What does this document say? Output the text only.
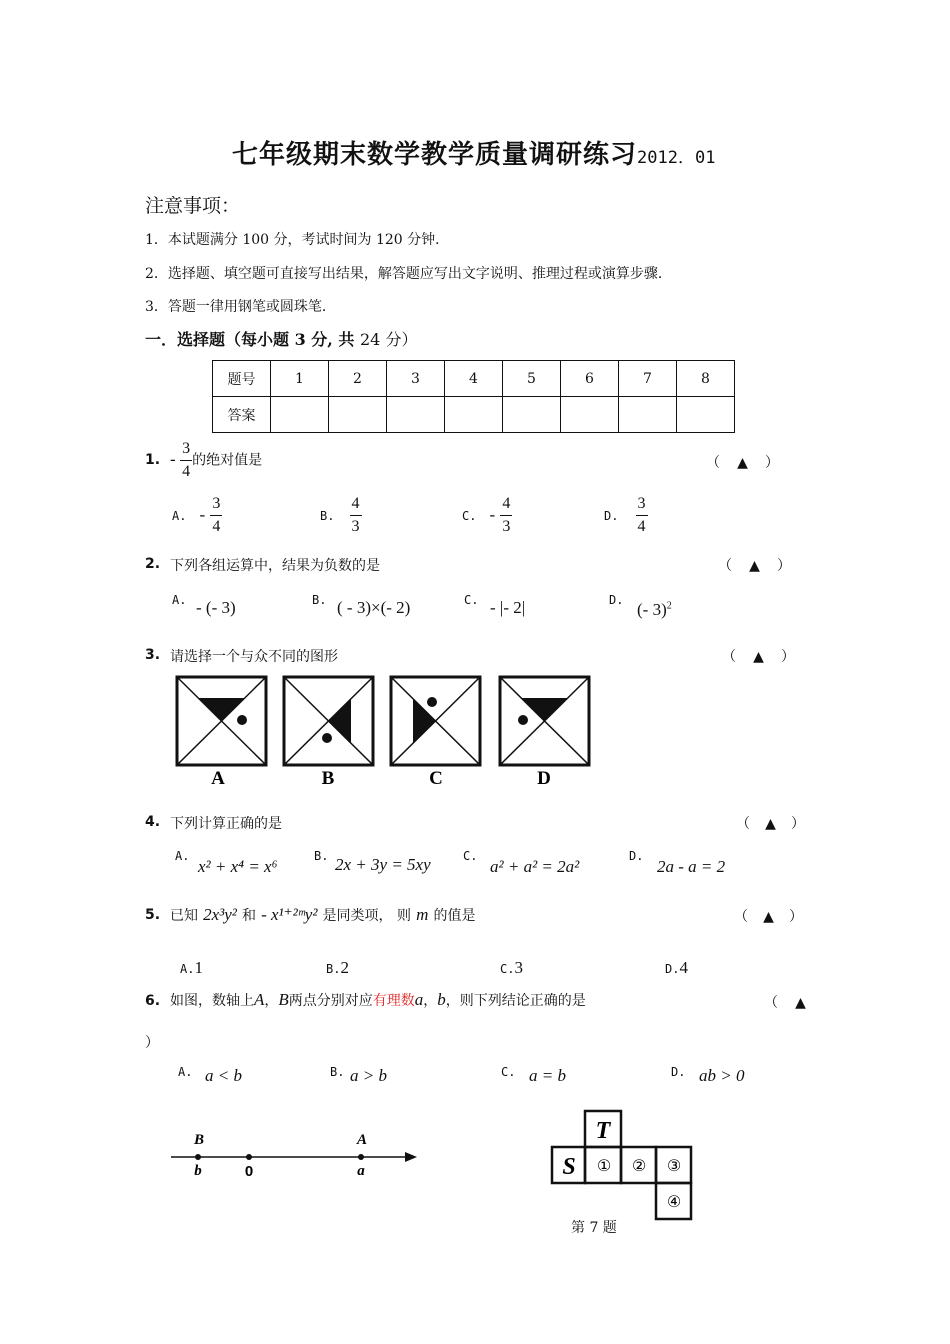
七年级期末数学教学质量调研练习2012．01
注意事项：
1．本试题满分 100 分，考试时间为 120 分钟．
2．选择题、填空题可直接写出结果，解答题应写出文字说明、推理过程或演算步骤．
3．答题一律用钢笔或圆珠笔．
一．选择题（每小题 3 分, 共 24 分）
题号	1	2	3	4	5	6	7	8
答案								
1. - $\frac{3}{4}$ 的绝对值是	（ ▲ ）
A. - $\frac{3}{4}$	B. $\frac{4}{3}$	C. - $\frac{4}{3}$	D. $\frac{3}{4}$
2. 下列各组运算中，结果为负数的是	（ ▲ ）
A. - (- 3)	B. ( - 3)×(- 2)	C. - |- 2|	D. (- 3)$^2$
3. 请选择一个与众不同的图形	（ ▲ ）
A	B	C	D
4. 下列计算正确的是	（ ▲ ）
A.
x² + x⁴ = x⁶
B. 2x + 3y = 5xy	C.
a² + a² = 2a²
D.
2a - a = 2
5. 已知 2x³y² 和 - x¹⁺²ᵐy² 是同类项， 则 m 的值是	（ ▲ ）
A.1	B.2	C.3	D.4
6. 如图，数轴上A，B两点分别对应有理数a，b，则下列结论正确的是	（ ▲
）
A. a < b	B. a > b	C. a = b	D. ab > 0
B
b	0
A
a
T
S ① ② ③
④
第 7 题
